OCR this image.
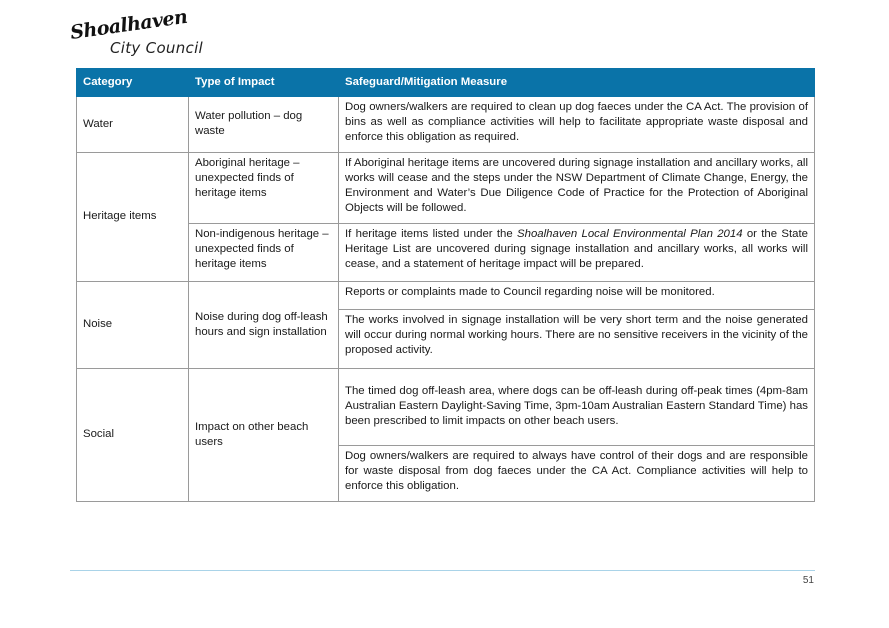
Shoalhaven
City Council
Category	Type of Impact	Safeguard/Mitigation Measure
Water	Water pollution – dog waste	Dog owners/walkers are required to clean up dog faeces under the CA Act. The provision of bins as well as compliance activities will help to facilitate appropriate waste disposal and enforce this obligation as required.
Heritage items	Aboriginal heritage – unexpected finds of heritage items	If Aboriginal heritage items are uncovered during signage installation and ancillary works, all works will cease and the steps under the NSW Department of Climate Change, Energy, the Environment and Water’s Due Diligence Code of Practice for the Protection of Aboriginal Objects will be followed.
	Non-indigenous heritage – unexpected finds of heritage items	If heritage items listed under the Shoalhaven Local Environmental Plan 2014 or the State Heritage List are uncovered during signage installation and ancillary works, all works will cease, and a statement of heritage impact will be prepared.
Noise	Noise during dog off-leash hours and sign installation	Reports or complaints made to Council regarding noise will be monitored.
		The works involved in signage installation will be very short term and the noise generated will occur during normal working hours. There are no sensitive receivers in the vicinity of the proposed activity.
Social	Impact on other beach users	The timed dog off-leash area, where dogs can be off-leash during off-peak times (4pm-8am Australian Eastern Daylight-Saving Time, 3pm-10am Australian Eastern Standard Time) has been prescribed to limit impacts on other beach users.
		Dog owners/walkers are required to always have control of their dogs and are responsible for waste disposal from dog faeces under the CA Act. Compliance activities will help to enforce this obligation.
51
